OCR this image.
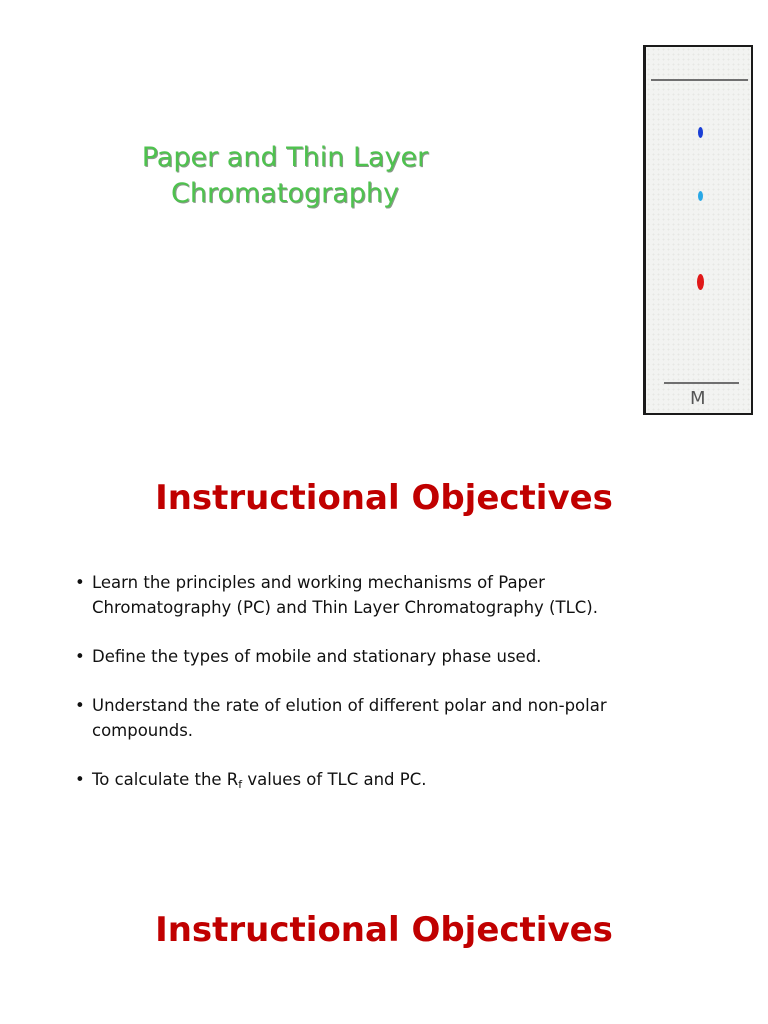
Paper and Thin Layer
Chromatography
M
Instructional Objectives
• Learn the principles and working mechanisms of Paper
Chromatography (PC) and Thin Layer Chromatography (TLC).
• Define the types of mobile and stationary phase used.
• Understand the rate of elution of different polar and non-polar
compounds.
• To calculate the $R_f$ values of TLC and PC.
Instructional Objectives
